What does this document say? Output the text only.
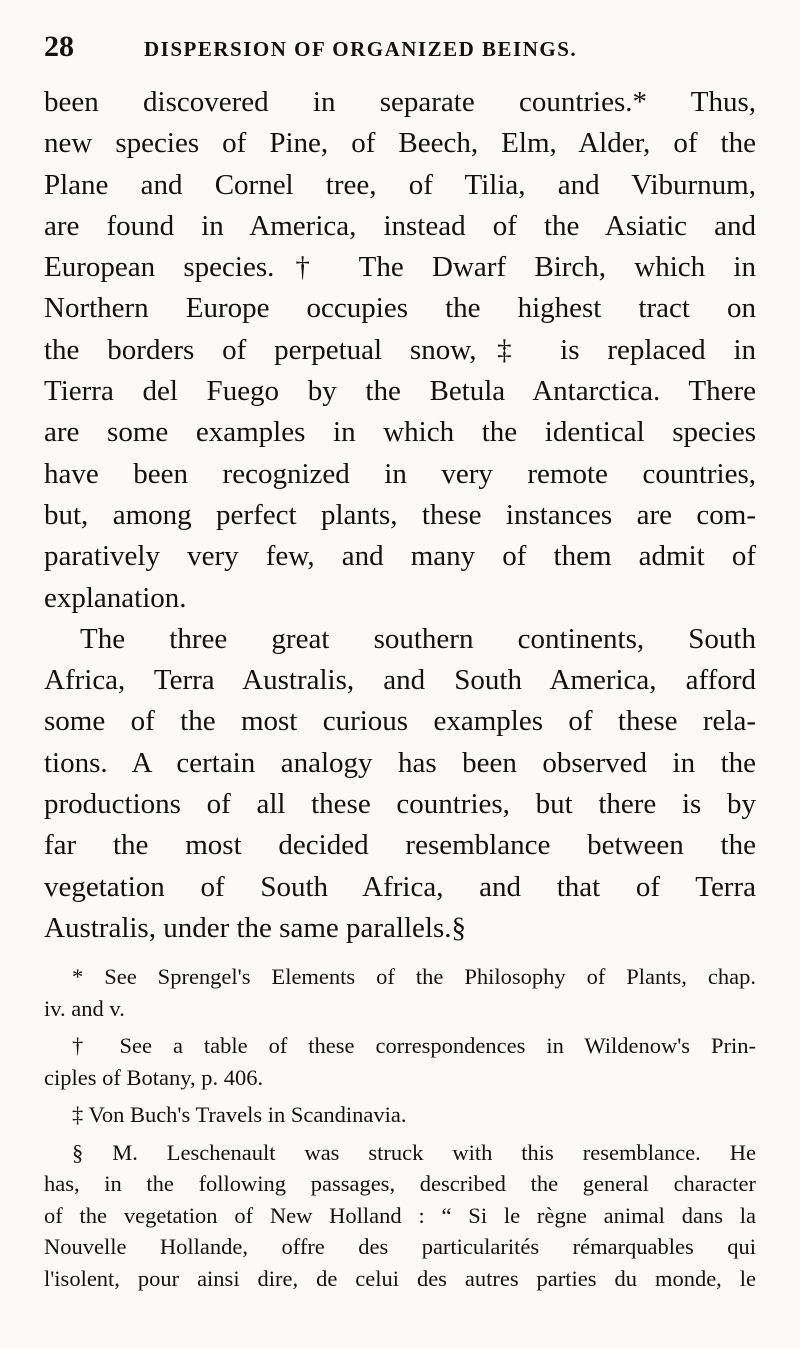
28	DISPERSION OF ORGANIZED BEINGS.

been discovered in separate countries.* Thus,

new species of Pine, of Beech, Elm, Alder, of the

Plane and Cornel tree, of Tilia, and Viburnum,

are found in America, instead of the Asiatic and

European species.† The Dwarf Birch, which in

Northern Europe occupies the highest tract on

the borders of perpetual snow,‡ is replaced in

Tierra del Fuego by the Betula Antarctica. There

are some examples in which the identical species

have been recognized in very remote countries,

but, among perfect plants, these instances are com-

paratively very few, and many of them admit of

explanation.

The three great southern continents, South

Africa, Terra Australis, and South America, afford

some of the most curious examples of these rela-

tions. A certain analogy has been observed in the

productions of all these countries, but there is by

far the most decided resemblance between the

vegetation of South Africa, and that of Terra

Australis, under the same parallels.§

* See Sprengel's Elements of the Philosophy of Plants, chap.

iv. and v.

† See a table of these correspondences in Wildenow's Prin-

ciples of Botany, p. 406.

‡ Von Buch's Travels in Scandinavia.

§ M. Leschenault was struck with this resemblance. He

has, in the following passages, described the general character

of the vegetation of New Holland : “ Si le règne animal dans la

Nouvelle Hollande, offre des particularités rémarquables qui

l'isolent, pour ainsi dire, de celui des autres parties du monde, le
